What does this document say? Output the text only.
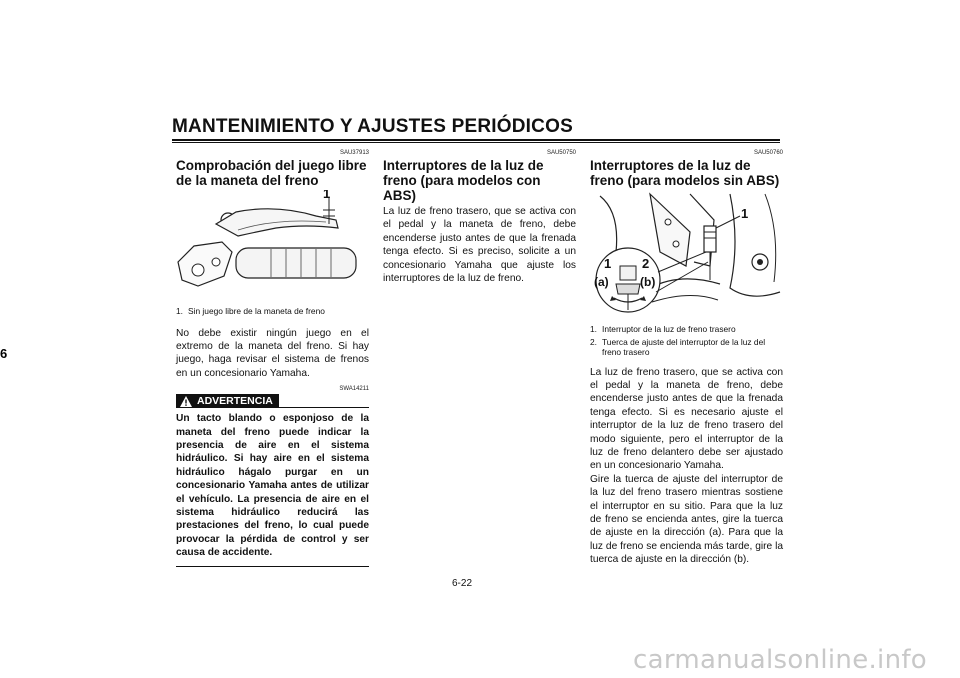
MANTENIMIENTO Y AJUSTES PERIÓDICOS
6
SAU37913
Comprobación del juego libre de la maneta del freno
1
1. Sin juego libre de la maneta de freno

No debe existir ningún juego en el extremo de la maneta del freno. Si hay juego, haga revisar el sistema de frenos en un concesionario Yamaha.

SWA14211
ADVERTENCIA
Un tacto blando o esponjoso de la maneta del freno puede indicar la presencia de aire en el sistema hidráulico. Si hay aire en el sistema hidráulico hágalo purgar en un concesionario Yamaha antes de utilizar el vehículo. La presencia de aire en el sistema hidráulico reducirá las prestaciones del freno, lo cual puede provocar la pérdida de control y ser causa de accidente.
SAU50750
Interruptores de la luz de freno (para modelos con ABS)

La luz de freno trasero, que se activa con el pedal y la maneta de freno, debe encenderse justo antes de que la frenada tenga efecto. Si es preciso, solicite a un concesionario Yamaha que ajuste los interruptores de la luz de freno.

SAU50760
Interruptores de la luz de freno (para modelos sin ABS)
1
1 2
(a)	(b)
1. Interruptor de la luz de freno trasero
2. Tuerca de ajuste del interruptor de la luz del freno trasero

La luz de freno trasero, que se activa con el pedal y la maneta de freno, debe encenderse justo antes de que la frenada tenga efecto. Si es necesario ajuste el interruptor de la luz de freno trasero del modo siguiente, pero el interruptor de la luz de freno delantero debe ser ajustado en un concesionario Yamaha.

Gire la tuerca de ajuste del interruptor de la luz del freno trasero mientras sostiene el interruptor en su sitio. Para que la luz de freno se encienda antes, gire la tuerca de ajuste en la dirección (a). Para que la luz de freno se encienda más tarde, gire la tuerca de ajuste en la dirección (b).

6-22
carmanualsonline.info
